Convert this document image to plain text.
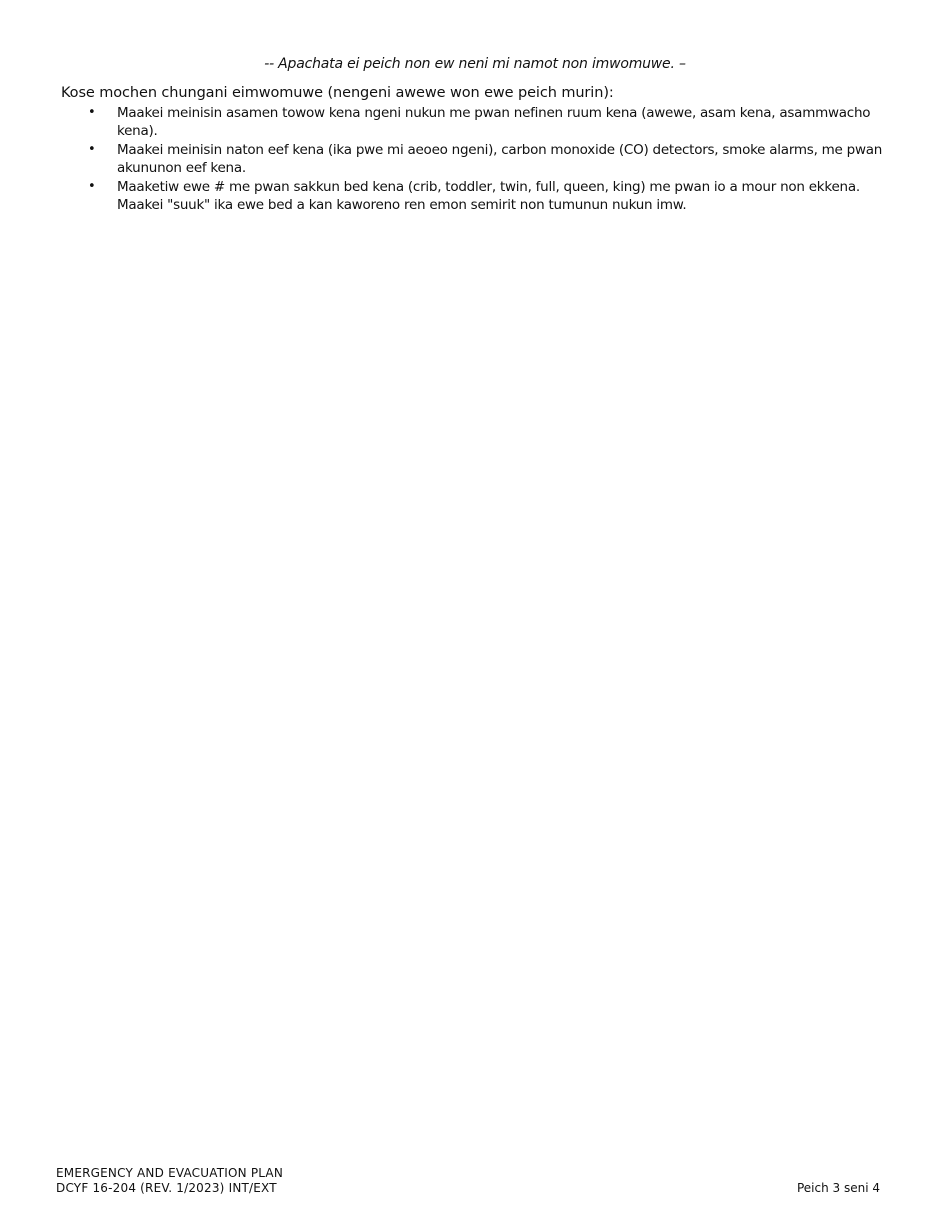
-- Apachata ei peich non ew neni mi namot non imwomuwe. –
Kose mochen chungani eimwomuwe (nengeni awewe won ewe peich murin):
• Maakei meinisin asamen towow kena ngeni nukun me pwan nefinen ruum kena (awewe, asam kena, asammwacho kena).
• Maakei meinisin naton eef kena (ika pwe mi aeoeo ngeni), carbon monoxide (CO) detectors, smoke alarms, me pwan akununon eef kena.
• Maaketiw ewe # me pwan sakkun bed kena (crib, toddler, twin, full, queen, king) me pwan io a mour non ekkena. Maakei "suuk" ika ewe bed a kan kaworeno ren emon semirit non tumunun nukun imw.
EMERGENCY AND EVACUATION PLAN
DCYF 16-204 (REV. 1/2023) INT/EXT	Peich 3 seni 4
